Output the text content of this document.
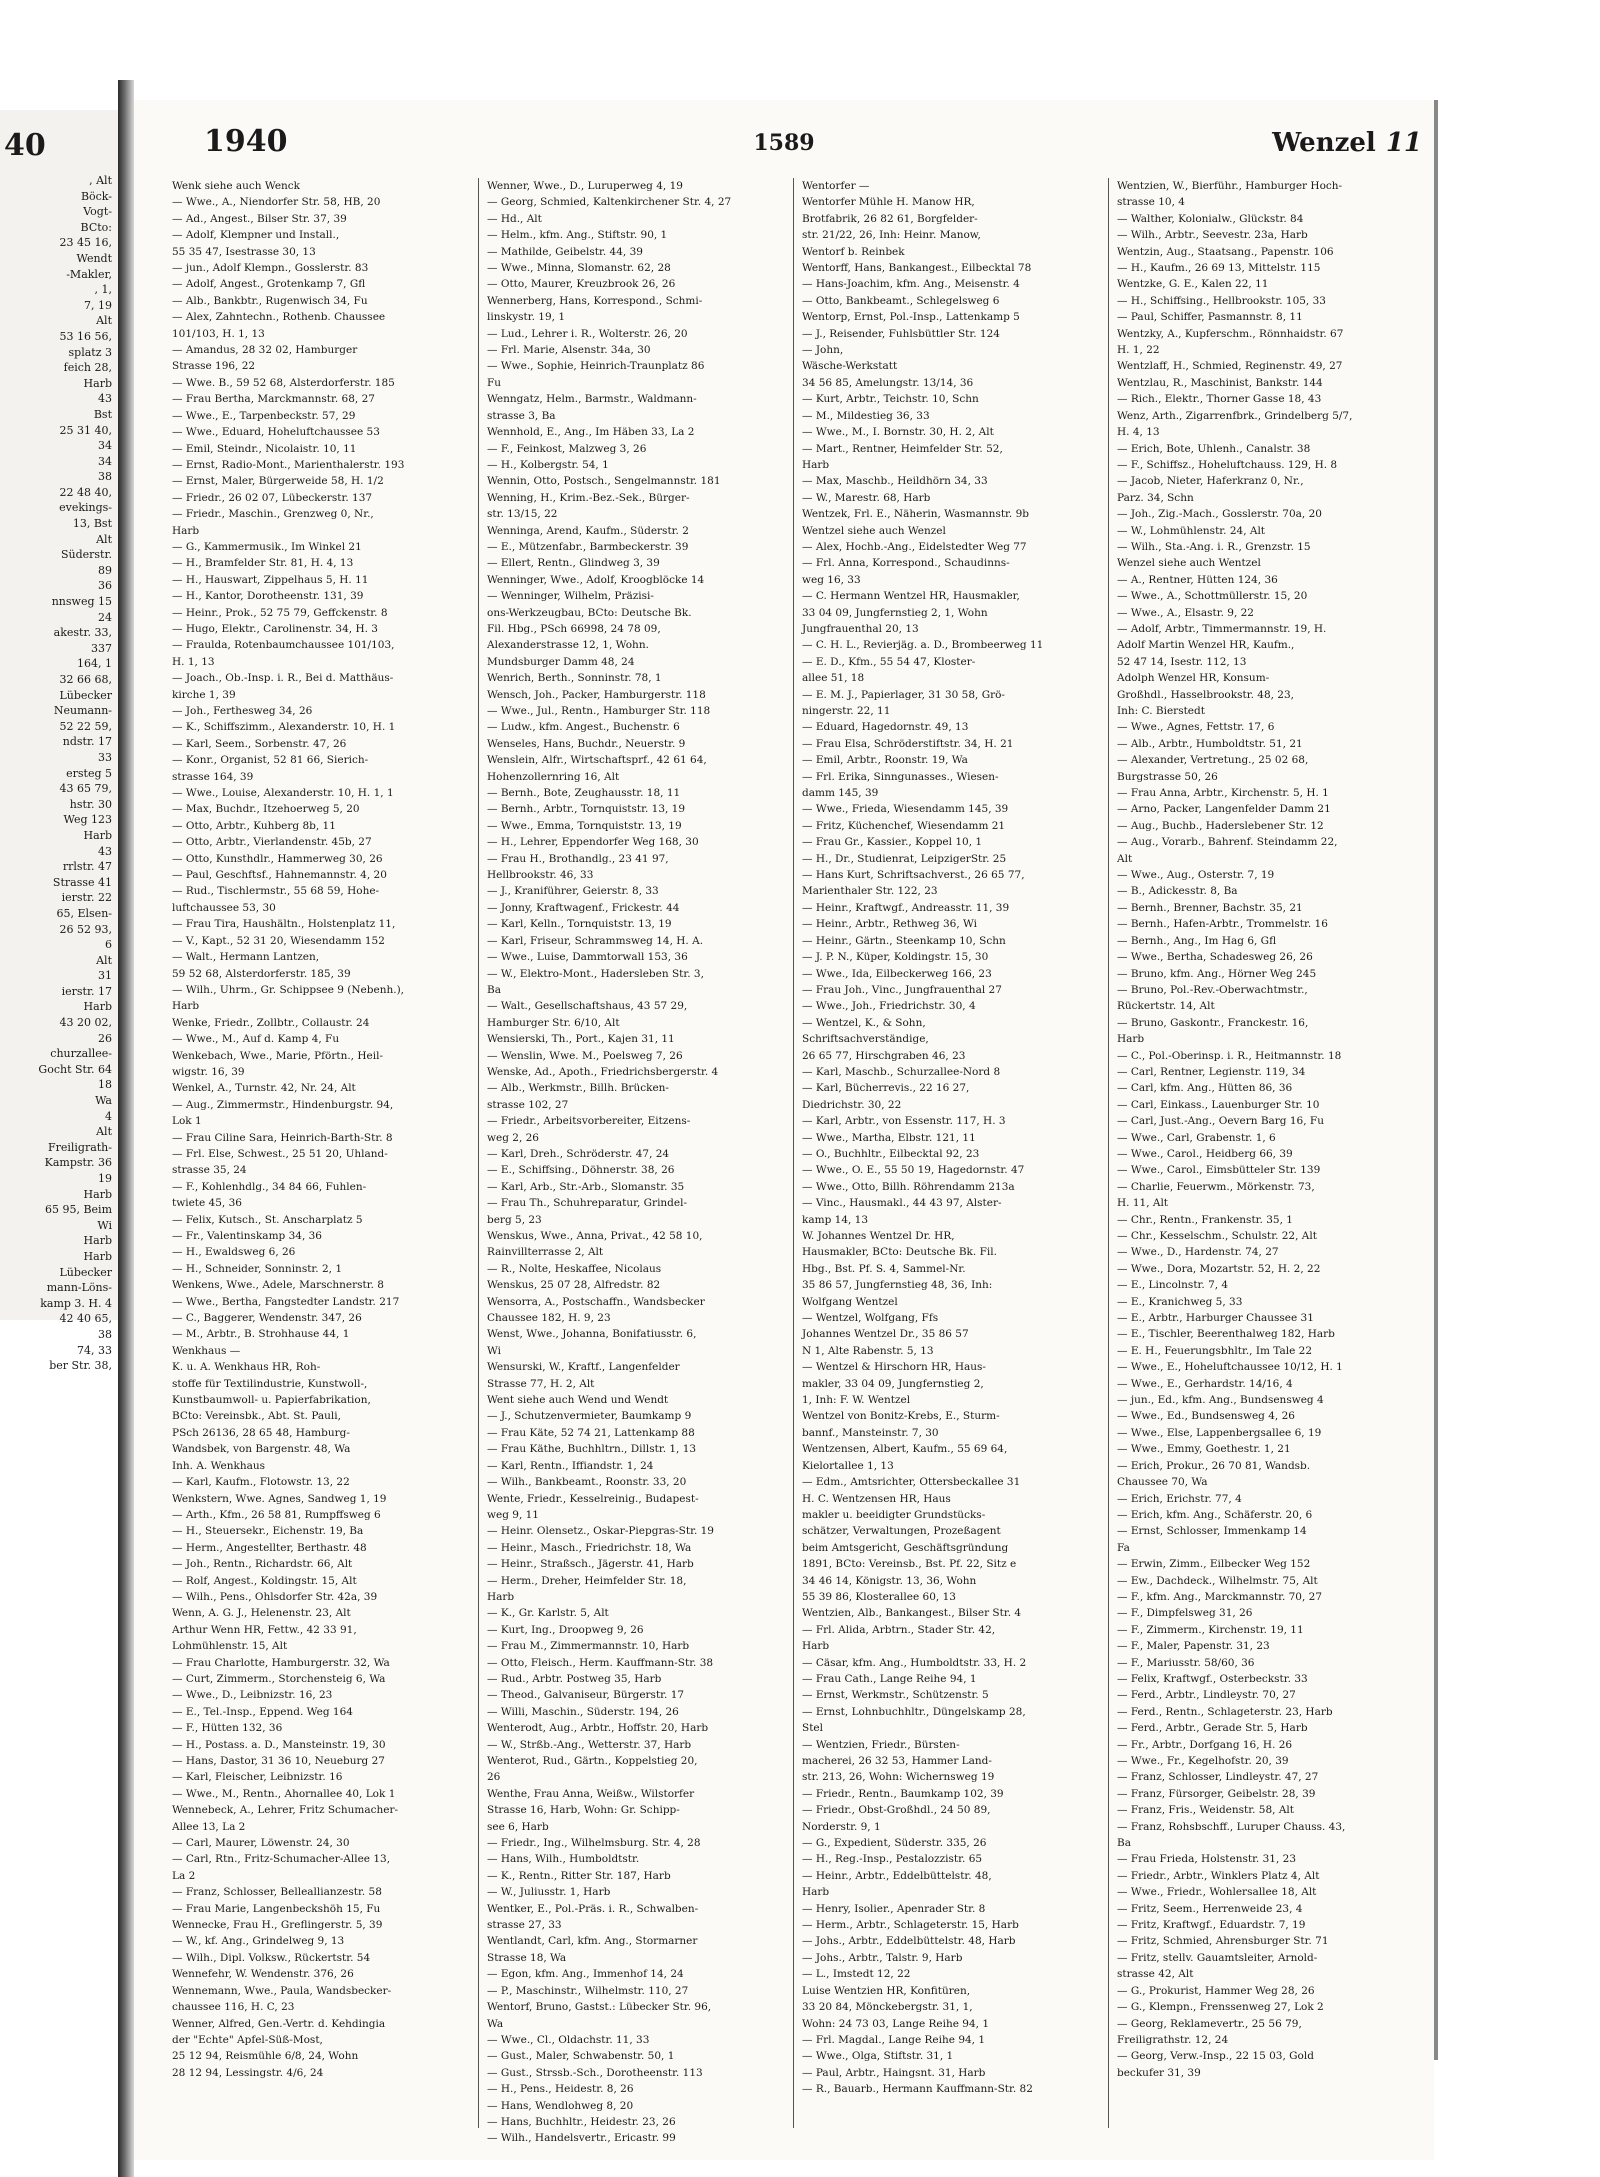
40
, Alt
Böck-
Vogt-
BCto:
23 45 16,
Wendt
-Makler,
, 1,
7, 19
Alt
53 16 56,
splatz 3
feich 28,
Harb
43
Bst
25 31 40,
34
34
38
22 48 40,
evekings-
13, Bst
Alt
Süderstr.
89
36
nnsweg 15
24
akestr. 33,
337
164, 1
32 66 68,
Lübecker
Neumann-
52 22 59,
ndstr. 17
33
ersteg 5
43 65 79,
hstr. 30
Weg 123
Harb
43
rrlstr. 47
Strasse 41
ierstr. 22
65, Elsen-
26 52 93,
6
Alt
31
ierstr. 17
Harb
43 20 02,
26
churzallee-
Gocht Str. 64
18
Wa
4
Alt
Freiligrath-
Kampstr. 36
19
Harb
65 95, Beim
Wi
Harb
Harb
Lübecker
mann-Löns-
kamp 3. H. 4
42 40 65,
38
74, 33
ber Str. 38,
1940	1589	Wenzel 11
Wenk siehe auch Wenck
— Wwe., A., Niendorfer Str. 58, HB, 20
— Ad., Angest., Bilser Str. 37, 39
— Adolf, Klempner und Install.,
55 35 47, Isestrasse 30, 13
— jun., Adolf Klempn., Gosslerstr. 83
— Adolf, Angest., Grotenkamp 7, Gfl
— Alb., Bankbtr., Rugenwisch 34, Fu
— Alex, Zahntechn., Rothenb. Chaussee
101/103, H. 1, 13
— Amandus, 28 32 02, Hamburger
Strasse 196, 22
— Wwe. B., 59 52 68, Alsterdorferstr. 185
— Frau Bertha, Marckmannstr. 68, 27
— Wwe., E., Tarpenbeckstr. 57, 29
— Wwe., Eduard, Hoheluftchaussee 53
— Emil, Steindr., Nicolaistr. 10, 11
— Ernst, Radio-Mont., Marienthalerstr. 193
— Ernst, Maler, Bürgerweide 58, H. 1/2
— Friedr., 26 02 07, Lübeckerstr. 137
— Friedr., Maschin., Grenzweg 0, Nr.,
Harb
— G., Kammermusik., Im Winkel 21
— H., Bramfelder Str. 81, H. 4, 13
— H., Hauswart, Zippelhaus 5, H. 11
— H., Kantor, Dorotheenstr. 131, 39
— Heinr., Prok., 52 75 79, Geffckenstr. 8
— Hugo, Elektr., Carolinenstr. 34, H. 3
— Fraulda, Rotenbaumchaussee 101/103,
H. 1, 13
— Joach., Ob.-Insp. i. R., Bei d. Matthäus-
kirche 1, 39
— Joh., Ferthesweg 34, 26
— K., Schiffszimm., Alexanderstr. 10, H. 1
— Karl, Seem., Sorbenstr. 47, 26
— Konr., Organist, 52 81 66, Sierich-
strasse 164, 39
— Wwe., Louise, Alexanderstr. 10, H. 1, 1
— Max, Buchdr., Itzehoerweg 5, 20
— Otto, Arbtr., Kuhberg 8b, 11
— Otto, Arbtr., Vierlandenstr. 45b, 27
— Otto, Kunsthdlr., Hammerweg 30, 26
— Paul, Geschftsf., Hahnemannstr. 4, 20
— Rud., Tischlermstr., 55 68 59, Hohe-
luftchaussee 53, 30
— Frau Tira, Haushältn., Holstenplatz 11,
— V., Kapt., 52 31 20, Wiesendamm 152
— Walt., Hermann Lantzen,
59 52 68, Alsterdorferstr. 185, 39
— Wilh., Uhrm., Gr. Schippsee 9 (Nebenh.),
Harb
Wenke, Friedr., Zollbtr., Collaustr. 24
— Wwe., M., Auf d. Kamp 4, Fu
Wenkebach, Wwe., Marie, Pförtn., Heil-
wigstr. 16, 39
Wenkel, A., Turnstr. 42, Nr. 24, Alt
— Aug., Zimmermstr., Hindenburgstr. 94,
Lok 1
— Frau Ciline Sara, Heinrich-Barth-Str. 8
— Frl. Else, Schwest., 25 51 20, Uhland-
strasse 35, 24
— F., Kohlenhdlg., 34 84 66, Fuhlen-
twiete 45, 36
— Felix, Kutsch., St. Anscharplatz 5
— Fr., Valentinskamp 34, 36
— H., Ewaldsweg 6, 26
— H., Schneider, Sonninstr. 2, 1
Wenkens, Wwe., Adele, Marschnerstr. 8
— Wwe., Bertha, Fangstedter Landstr. 217
— C., Baggerer, Wendenstr. 347, 26
— M., Arbtr., B. Strohhause 44, 1
Wenkhaus —
K. u. A. Wenkhaus HR, Roh-
stoffe für Textilindustrie, Kunstwoll-,
Kunstbaumwoll- u. Papierfabrikation,
BCto: Vereinsbk., Abt. St. Pauli,
PSch 26136, 28 65 48, Hamburg-
Wandsbek, von Bargenstr. 48, Wa
Inh. A. Wenkhaus
— Karl, Kaufm., Flotowstr. 13, 22
Wenkstern, Wwe. Agnes, Sandweg 1, 19
— Arth., Kfm., 26 58 81, Rumpffsweg 6
— H., Steuersekr., Eichenstr. 19, Ba
— Herm., Angestellter, Berthastr. 48
— Joh., Rentn., Richardstr. 66, Alt
— Rolf, Angest., Koldingstr. 15, Alt
— Wilh., Pens., Ohlsdorfer Str. 42a, 39
Wenn, A. G. J., Helenenstr. 23, Alt
Arthur Wenn HR, Fettw., 42 33 91,
Lohmühlenstr. 15, Alt
— Frau Charlotte, Hamburgerstr. 32, Wa
— Curt, Zimmerm., Storchensteig 6, Wa
— Wwe., D., Leibnizstr. 16, 23
— E., Tel.-Insp., Eppend. Weg 164
— F., Hütten 132, 36
— H., Postass. a. D., Mansteinstr. 19, 30
— Hans, Dastor, 31 36 10, Neueburg 27
— Karl, Fleischer, Leibnizstr. 16
— Wwe., M., Rentn., Ahornallee 40, Lok 1
Wennebeck, A., Lehrer, Fritz Schumacher-
Allee 13, La 2
— Carl, Maurer, Löwenstr. 24, 30
— Carl, Rtn., Fritz-Schumacher-Allee 13,
La 2
— Franz, Schlosser, Belleallianzestr. 58
— Frau Marie, Langenbeckshöh 15, Fu
Wennecke, Frau H., Greflingerstr. 5, 39
— W., kf. Ang., Grindelweg 9, 13
— Wilh., Dipl. Volksw., Rückertstr. 54
Wennefehr, W. Wendenstr. 376, 26
Wennemann, Wwe., Paula, Wandsbecker-
chaussee 116, H. C, 23
Wenner, Alfred, Gen.-Vertr. d. Kehdingia
der "Echte" Apfel-Süß-Most,
25 12 94, Reismühle 6/8, 24, Wohn
28 12 94, Lessingstr. 4/6, 24
Wenner, Wwe., D., Luruperweg 4, 19
— Georg, Schmied, Kaltenkirchener Str. 4, 27
— Hd., Alt
— Helm., kfm. Ang., Stiftstr. 90, 1
— Mathilde, Geibelstr. 44, 39
— Wwe., Minna, Slomanstr. 62, 28
— Otto, Maurer, Kreuzbrook 26, 26
Wennerberg, Hans, Korrespond., Schmi-
linskystr. 19, 1
— Lud., Lehrer i. R., Wolterstr. 26, 20
— Frl. Marie, Alsenstr. 34a, 30
— Wwe., Sophie, Heinrich-Traunplatz 86
Fu
Wenngatz, Helm., Barmstr., Waldmann-
strasse 3, Ba
Wennhold, E., Ang., Im Häben 33, La 2
— F., Feinkost, Malzweg 3, 26
— H., Kolbergstr. 54, 1
Wennin, Otto, Postsch., Sengelmannstr. 181
Wenning, H., Krim.-Bez.-Sek., Bürger-
str. 13/15, 22
Wenninga, Arend, Kaufm., Süderstr. 2
— E., Mützenfabr., Barmbeckerstr. 39
— Ellert, Rentn., Glindweg 3, 39
Wenninger, Wwe., Adolf, Kroogblöcke 14
— Wenninger, Wilhelm, Präzisi-
ons-Werkzeugbau, BCto: Deutsche Bk.
Fil. Hbg., PSch 66998, 24 78 09,
Alexanderstrasse 12, 1, Wohn.
Mundsburger Damm 48, 24
Wenrich, Berth., Sonninstr. 78, 1
Wensch, Joh., Packer, Hamburgerstr. 118
— Wwe., Jul., Rentn., Hamburger Str. 118
— Ludw., kfm. Angest., Buchenstr. 6
Wenseles, Hans, Buchdr., Neuerstr. 9
Wenslein, Alfr., Wirtschaftsprf., 42 61 64,
Hohenzollernring 16, Alt
— Bernh., Bote, Zeughausstr. 18, 11
— Bernh., Arbtr., Tornquiststr. 13, 19
— Wwe., Emma, Tornquiststr. 13, 19
— H., Lehrer, Eppendorfer Weg 168, 30
— Frau H., Brothandlg., 23 41 97,
Hellbrookstr. 46, 33
— J., Kraniführer, Geierstr. 8, 33
— Jonny, Kraftwagenf., Frickestr. 44
— Karl, Kelln., Tornquiststr. 13, 19
— Karl, Friseur, Schrammsweg 14, H. A.
— Wwe., Luise, Dammtorwall 153, 36
— W., Elektro-Mont., Hadersleben Str. 3,
Ba
— Walt., Gesellschaftshaus, 43 57 29,
Hamburger Str. 6/10, Alt
Wensierski, Th., Port., Kajen 31, 11
— Wenslin, Wwe. M., Poelsweg 7, 26
Wenske, Ad., Apoth., Friedrichsbergerstr. 4
— Alb., Werkmstr., Billh. Brücken-
strasse 102, 27
— Friedr., Arbeitsvorbereiter, Eitzens-
weg 2, 26
— Karl, Dreh., Schröderstr. 47, 24
— E., Schiffsing., Döhnerstr. 38, 26
— Karl, Arb., Str.-Arb., Slomanstr. 35
— Frau Th., Schuhreparatur, Grindel-
berg 5, 23
Wenskus, Wwe., Anna, Privat., 42 58 10,
Rainvillterrasse 2, Alt
— R., Nolte, Heskaffee, Nicolaus
Wenskus, 25 07 28, Alfredstr. 82
Wensorra, A., Postschaffn., Wandsbecker
Chaussee 182, H. 9, 23
Wenst, Wwe., Johanna, Bonifatiusstr. 6,
Wi
Wensurski, W., Kraftf., Langenfelder
Strasse 77, H. 2, Alt
Went siehe auch Wend und Wendt
— J., Schutzenvermieter, Baumkamp 9
— Frau Käte, 52 74 21, Lattenkamp 88
— Frau Käthe, Buchhltrn., Dillstr. 1, 13
— Karl, Rentn., Iffiandstr. 1, 24
— Wilh., Bankbeamt., Roonstr. 33, 20
Wente, Friedr., Kesselreinig., Budapest-
weg 9, 11
— Heinr. Olensetz., Oskar-Piepgras-Str. 19
— Heinr., Masch., Friedrichstr. 18, Wa
— Heinr., Straßsch., Jägerstr. 41, Harb
— Herm., Dreher, Heimfelder Str. 18,
Harb
— K., Gr. Karlstr. 5, Alt
— Kurt, Ing., Droopweg 9, 26
— Frau M., Zimmermannstr. 10, Harb
— Otto, Fleisch., Herm. Kauffmann-Str. 38
— Rud., Arbtr. Postweg 35, Harb
— Theod., Galvaniseur, Bürgerstr. 17
— Willi, Maschin., Süderstr. 194, 26
Wenterodt, Aug., Arbtr., Hoffstr. 20, Harb
— W., Strßb.-Ang., Wetterstr. 37, Harb
Wenterot, Rud., Gärtn., Koppelstieg 20,
26
Wenthe, Frau Anna, Weißw., Wilstorfer
Strasse 16, Harb, Wohn: Gr. Schipp-
see 6, Harb
— Friedr., Ing., Wilhelmsburg. Str. 4, 28
— Hans, Wilh., Humboldtstr.
— K., Rentn., Ritter Str. 187, Harb
— W., Juliusstr. 1, Harb
Wentker, E., Pol.-Präs. i. R., Schwalben-
strasse 27, 33
Wentlandt, Carl, kfm. Ang., Stormarner
Strasse 18, Wa
— Egon, kfm. Ang., Immenhof 14, 24
— P., Maschinstr., Wilhelmstr. 110, 27
Wentorf, Bruno, Gastst.: Lübecker Str. 96,
Wa
— Wwe., Cl., Oldachstr. 11, 33
— Gust., Maler, Schwabenstr. 50, 1
— Gust., Strssb.-Sch., Dorotheenstr. 113
— H., Pens., Heidestr. 8, 26
— Hans, Wendlohweg 8, 20
— Hans, Buchhltr., Heidestr. 23, 26
— Wilh., Handelsvertr., Ericastr. 99
Wentorfer —
Wentorfer Mühle H. Manow HR,
Brotfabrik, 26 82 61, Borgfelder-
str. 21/22, 26, Inh: Heinr. Manow,
Wentorf b. Reinbek
Wentorff, Hans, Bankangest., Eilbecktal 78
— Hans-Joachim, kfm. Ang., Meisenstr. 4
— Otto, Bankbeamt., Schlegelsweg 6
Wentorp, Ernst, Pol.-Insp., Lattenkamp 5
— J., Reisender, Fuhlsbüttler Str. 124
— John,
Wäsche-Werkstatt
34 56 85, Amelungstr. 13/14, 36
— Kurt, Arbtr., Teichstr. 10, Schn
— M., Mildestieg 36, 33
— Wwe., M., I. Bornstr. 30, H. 2, Alt
— Mart., Rentner, Heimfelder Str. 52,
Harb
— Max, Maschb., Heildhörn 34, 33
— W., Marestr. 68, Harb
Wentzek, Frl. E., Näherin, Wasmannstr. 9b
Wentzel siehe auch Wenzel
— Alex, Hochb.-Ang., Eidelstedter Weg 77
— Frl. Anna, Korrespond., Schaudinns-
weg 16, 33
— C. Hermann Wentzel HR, Hausmakler,
33 04 09, Jungfernstieg 2, 1, Wohn
Jungfrauenthal 20, 13
— C. H. L., Revierjäg. a. D., Brombeerweg 11
— E. D., Kfm., 55 54 47, Kloster-
allee 51, 18
— E. M. J., Papierlager, 31 30 58, Grö-
ningerstr. 22, 11
— Eduard, Hagedornstr. 49, 13
— Frau Elsa, Schröderstiftstr. 34, H. 21
— Emil, Arbtr., Roonstr. 19, Wa
— Frl. Erika, Sinngunasses., Wiesen-
damm 145, 39
— Wwe., Frieda, Wiesendamm 145, 39
— Fritz, Küchenchef, Wiesendamm 21
— Frau Gr., Kassier., Koppel 10, 1
— H., Dr., Studienrat, LeipzigerStr. 25
— Hans Kurt, Schriftsachverst., 26 65 77,
Marienthaler Str. 122, 23
— Heinr., Kraftwgf., Andreasstr. 11, 39
— Heinr., Arbtr., Rethweg 36, Wi
— Heinr., Gärtn., Steenkamp 10, Schn
— J. P. N., Küper, Koldingstr. 15, 30
— Wwe., Ida, Eilbeckerweg 166, 23
— Frau Joh., Vinc., Jungfrauenthal 27
— Wwe., Joh., Friedrichstr. 30, 4
— Wentzel, K., & Sohn,
Schriftsachverständige,
26 65 77, Hirschgraben 46, 23
— Karl, Maschb., Schurzallee-Nord 8
— Karl, Bücherrevis., 22 16 27,
Diedrichstr. 30, 22
— Karl, Arbtr., von Essenstr. 117, H. 3
— Wwe., Martha, Elbstr. 121, 11
— O., Buchhltr., Eilbecktal 92, 23
— Wwe., O. E., 55 50 19, Hagedornstr. 47
— Wwe., Otto, Billh. Röhrendamm 213a
— Vinc., Hausmakl., 44 43 97, Alster-
kamp 14, 13
W. Johannes Wentzel Dr. HR,
Hausmakler, BCto: Deutsche Bk. Fil.
Hbg., Bst. Pf. S. 4, Sammel-Nr.
35 86 57, Jungfernstieg 48, 36, Inh:
Wolfgang Wentzel
— Wentzel, Wolfgang, Ffs
Johannes Wentzel Dr., 35 86 57
N 1, Alte Rabenstr. 5, 13
— Wentzel & Hirschorn HR, Haus-
makler, 33 04 09, Jungfernstieg 2,
1, Inh: F. W. Wentzel
Wentzel von Bonitz-Krebs, E., Sturm-
bannf., Mansteinstr. 7, 30
Wentzensen, Albert, Kaufm., 55 69 64,
Kielortallee 1, 13
— Edm., Amtsrichter, Ottersbeckallee 31
H. C. Wentzensen HR, Haus
makler u. beeidigter Grundstücks-
schätzer, Verwaltungen, Prozeßagent
beim Amtsgericht, Geschäftsgründung
1891, BCto: Vereinsb., Bst. Pf. 22, Sitz e
34 46 14, Königstr. 13, 36, Wohn
55 39 86, Klosterallee 60, 13
Wentzien, Alb., Bankangest., Bilser Str. 4
— Frl. Alida, Arbtrn., Stader Str. 42,
Harb
— Cäsar, kfm. Ang., Humboldtstr. 33, H. 2
— Frau Cath., Lange Reihe 94, 1
— Ernst, Werkmstr., Schützenstr. 5
— Ernst, Lohnbuchhltr., Düngelskamp 28,
Stel
— Wentzien, Friedr., Bürsten-
macherei, 26 32 53, Hammer Land-
str. 213, 26, Wohn: Wichernsweg 19
— Friedr., Rentn., Baumkamp 102, 39
— Friedr., Obst-Großhdl., 24 50 89,
Norderstr. 9, 1
— G., Expedient, Süderstr. 335, 26
— H., Reg.-Insp., Pestalozzistr. 65
— Heinr., Arbtr., Eddelbüttelstr. 48,
Harb
— Henry, Isolier., Apenrader Str. 8
— Herm., Arbtr., Schlageterstr. 15, Harb
— Johs., Arbtr., Eddelbüttelstr. 48, Harb
— Johs., Arbtr., Talstr. 9, Harb
— L., Imstedt 12, 22
Luise Wentzien HR, Konfitüren,
33 20 84, Mönckebergstr. 31, 1,
Wohn: 24 73 03, Lange Reihe 94, 1
— Frl. Magdal., Lange Reihe 94, 1
— Wwe., Olga, Stiftstr. 31, 1
— Paul, Arbtr., Haingsnt. 31, Harb
— R., Bauarb., Hermann Kauffmann-Str. 82
Wentzien, W., Bierführ., Hamburger Hoch-
strasse 10, 4
— Walther, Kolonialw., Glückstr. 84
— Wilh., Arbtr., Seevestr. 23a, Harb
Wentzin, Aug., Staatsang., Papenstr. 106
— H., Kaufm., 26 69 13, Mittelstr. 115
Wentzke, G. E., Kalen 22, 11
— H., Schiffsing., Hellbrookstr. 105, 33
— Paul, Schiffer, Pasmannstr. 8, 11
Wentzky, A., Kupferschm., Rönnhaidstr. 67
H. 1, 22
Wentzlaff, H., Schmied, Reginenstr. 49, 27
Wentzlau, R., Maschinist, Bankstr. 144
— Rich., Elektr., Thorner Gasse 18, 43
Wenz, Arth., Zigarrenfbrk., Grindelberg 5/7,
H. 4, 13
— Erich, Bote, Uhlenh., Canalstr. 38
— F., Schiffsz., Hoheluftchauss. 129, H. 8
— Jacob, Nieter, Haferkranz 0, Nr.,
Parz. 34, Schn
— Joh., Zig.-Mach., Gosslerstr. 70a, 20
— W., Lohmühlenstr. 24, Alt
— Wilh., Sta.-Ang. i. R., Grenzstr. 15
Wenzel siehe auch Wentzel
— A., Rentner, Hütten 124, 36
— Wwe., A., Schottmüllerstr. 15, 20
— Wwe., A., Elsastr. 9, 22
— Adolf, Arbtr., Timmermannstr. 19, H.
Adolf Martin Wenzel HR, Kaufm.,
52 47 14, Isestr. 112, 13
Adolph Wenzel HR, Konsum-
Großhdl., Hasselbrookstr. 48, 23,
Inh: C. Bierstedt
— Wwe., Agnes, Fettstr. 17, 6
— Alb., Arbtr., Humboldtstr. 51, 21
— Alexander, Vertretung., 25 02 68,
Burgstrasse 50, 26
— Frau Anna, Arbtr., Kirchenstr. 5, H. 1
— Arno, Packer, Langenfelder Damm 21
— Aug., Buchb., Haderslebener Str. 12
— Aug., Vorarb., Bahrenf. Steindamm 22,
Alt
— Wwe., Aug., Osterstr. 7, 19
— B., Adickesstr. 8, Ba
— Bernh., Brenner, Bachstr. 35, 21
— Bernh., Hafen-Arbtr., Trommelstr. 16
— Bernh., Ang., Im Hag 6, Gfl
— Wwe., Bertha, Schadesweg 26, 26
— Bruno, kfm. Ang., Hörner Weg 245
— Bruno, Pol.-Rev.-Oberwachtmstr.,
Rückertstr. 14, Alt
— Bruno, Gaskontr., Franckestr. 16,
Harb
— C., Pol.-Oberinsp. i. R., Heitmannstr. 18
— Carl, Rentner, Legienstr. 119, 34
— Carl, kfm. Ang., Hütten 86, 36
— Carl, Einkass., Lauenburger Str. 10
— Carl, Just.-Ang., Oevern Barg 16, Fu
— Wwe., Carl, Grabenstr. 1, 6
— Wwe., Carol., Heidberg 66, 39
— Wwe., Carol., Eimsbütteler Str. 139
— Charlie, Feuerwm., Mörkenstr. 73,
H. 11, Alt
— Chr., Rentn., Frankenstr. 35, 1
— Chr., Kesselschm., Schulstr. 22, Alt
— Wwe., D., Hardenstr. 74, 27
— Wwe., Dora, Mozartstr. 52, H. 2, 22
— E., Lincolnstr. 7, 4
— E., Kranichweg 5, 33
— E., Arbtr., Harburger Chaussee 31
— E., Tischler, Beerenthalweg 182, Harb
— E. H., Feuerungsbhltr., Im Tale 22
— Wwe., E., Hoheluftchaussee 10/12, H. 1
— Wwe., E., Gerhardstr. 14/16, 4
— jun., Ed., kfm. Ang., Bundsensweg 4
— Wwe., Ed., Bundsensweg 4, 26
— Wwe., Else, Lappenbergsallee 6, 19
— Wwe., Emmy, Goethestr. 1, 21
— Erich, Prokur., 26 70 81, Wandsb.
Chaussee 70, Wa
— Erich, Erichstr. 77, 4
— Erich, kfm. Ang., Schäferstr. 20, 6
— Ernst, Schlosser, Immenkamp 14
Fa
— Erwin, Zimm., Eilbecker Weg 152
— Ew., Dachdeck., Wilhelmstr. 75, Alt
— F., kfm. Ang., Marckmannstr. 70, 27
— F., Dimpfelsweg 31, 26
— F., Zimmerm., Kirchenstr. 19, 11
— F., Maler, Papenstr. 31, 23
— F., Mariusstr. 58/60, 36
— Felix, Kraftwgf., Osterbeckstr. 33
— Ferd., Arbtr., Lindleystr. 70, 27
— Ferd., Rentn., Schlageterstr. 23, Harb
— Ferd., Arbtr., Gerade Str. 5, Harb
— Fr., Arbtr., Dorfgang 16, H. 26
— Wwe., Fr., Kegelhofstr. 20, 39
— Franz, Schlosser, Lindleystr. 47, 27
— Franz, Fürsorger, Geibelstr. 28, 39
— Franz, Fris., Weidenstr. 58, Alt
— Franz, Rohsbschff., Luruper Chauss. 43,
Ba
— Frau Frieda, Holstenstr. 31, 23
— Friedr., Arbtr., Winklers Platz 4, Alt
— Wwe., Friedr., Wohlersallee 18, Alt
— Fritz, Seem., Herrenweide 23, 4
— Fritz, Kraftwgf., Eduardstr. 7, 19
— Fritz, Schmied, Ahrensburger Str. 71
— Fritz, stellv. Gauamtsleiter, Arnold-
strasse 42, Alt
— G., Prokurist, Hammer Weg 28, 26
— G., Klempn., Frenssenweg 27, Lok 2
— Georg, Reklamevertr., 25 56 79,
Freiligrathstr. 12, 24
— Georg, Verw.-Insp., 22 15 03, Gold
beckufer 31, 39
